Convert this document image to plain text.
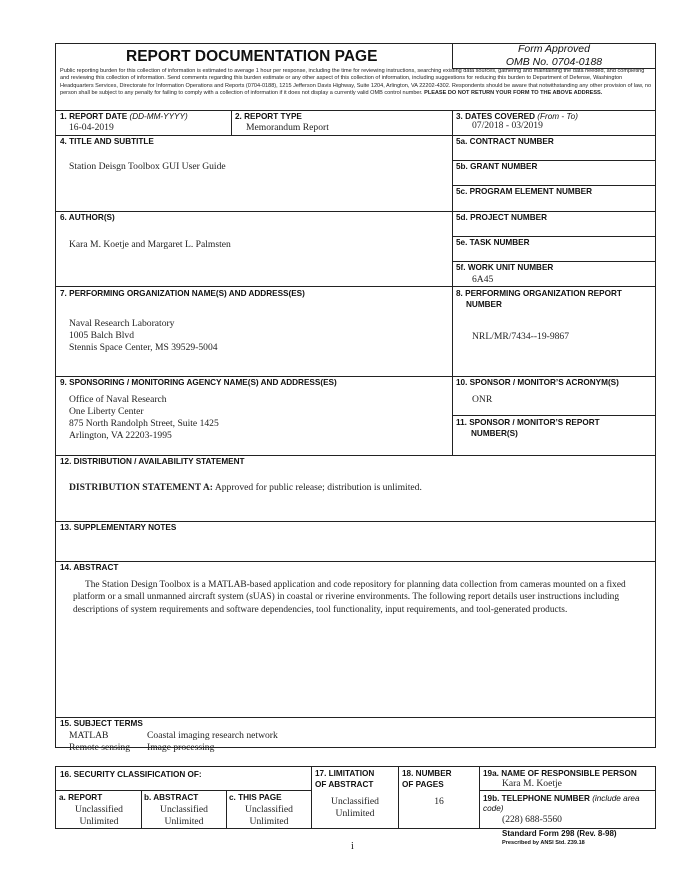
REPORT DOCUMENTATION PAGE	Form Approved
OMB No. 0704-0188
Public reporting burden for this collection of information is estimated to average 1 hour per response, including the time for reviewing instructions, searching existing data sources, gathering and maintaining the data needed, and completing and reviewing this collection of information. Send comments regarding this burden estimate or any other aspect of this collection of information, including suggestions for reducing this burden to Department of Defense, Washington Headquarters Services, Directorate for Information Operations and Reports (0704-0188), 1215 Jefferson Davis Highway, Suite 1204, Arlington, VA 22202-4302. Respondents should be aware that notwithstanding any other provision of law, no person shall be subject to any penalty for failing to comply with a collection of information if it does not display a currently valid OMB control number. PLEASE DO NOT RETURN YOUR FORM TO THE ABOVE ADDRESS.
1. REPORT DATE (DD-MM-YYYY)
16-04-2019
2. REPORT TYPE
Memorandum Report
3. DATES COVERED (From - To)
07/2018 - 03/2019
4. TITLE AND SUBTITLE
Station Deisgn Toolbox GUI User Guide
5a. CONTRACT NUMBER
5b. GRANT NUMBER
5c. PROGRAM ELEMENT NUMBER
6. AUTHOR(S)
Kara M. Koetje and Margaret L. Palmsten
5d. PROJECT NUMBER
5e. TASK NUMBER
5f. WORK UNIT NUMBER
6A45
7. PERFORMING ORGANIZATION NAME(S) AND ADDRESS(ES)
Naval Research Laboratory
1005 Balch Blvd
Stennis Space Center, MS 39529-5004
8. PERFORMING ORGANIZATION REPORT
NUMBER
NRL/MR/7434--19-9867
9. SPONSORING / MONITORING AGENCY NAME(S) AND ADDRESS(ES)
Office of Naval Research
One Liberty Center
875 North Randolph Street, Suite 1425
Arlington, VA 22203-1995
10. SPONSOR / MONITOR’S ACRONYM(S)
ONR
11. SPONSOR / MONITOR’S REPORT
NUMBER(S)
12. DISTRIBUTION / AVAILABILITY STATEMENT
DISTRIBUTION STATEMENT A: Approved for public release; distribution is unlimited.
13. SUPPLEMENTARY NOTES
14. ABSTRACT
The Station Design Toolbox is a MATLAB-based application and code repository for planning data collection from cameras mounted on a fixed platform or a small unmanned aircraft system (sUAS) in coastal or riverine environments. The following report details user instructions including descriptions of system requirements and software dependencies, tool functionality, input requirements, and tool-generated products.
15. SUBJECT TERMS
MATLAB
Remote sensing
Coastal imaging research network
Image processing
16. SECURITY CLASSIFICATION OF:
a. REPORT
Unclassified
Unlimited
b. ABSTRACT
Unclassified
Unlimited
c. THIS PAGE
Unclassified
Unlimited
17. LIMITATION
OF ABSTRACT
Unclassified
Unlimited
18. NUMBER
OF PAGES
16
19a. NAME OF RESPONSIBLE PERSON
Kara M. Koetje
19b. TELEPHONE NUMBER (include area
code)
(228) 688-5560
Standard Form 298 (Rev. 8-98)
Prescribed by ANSI Std. Z39.18
i
